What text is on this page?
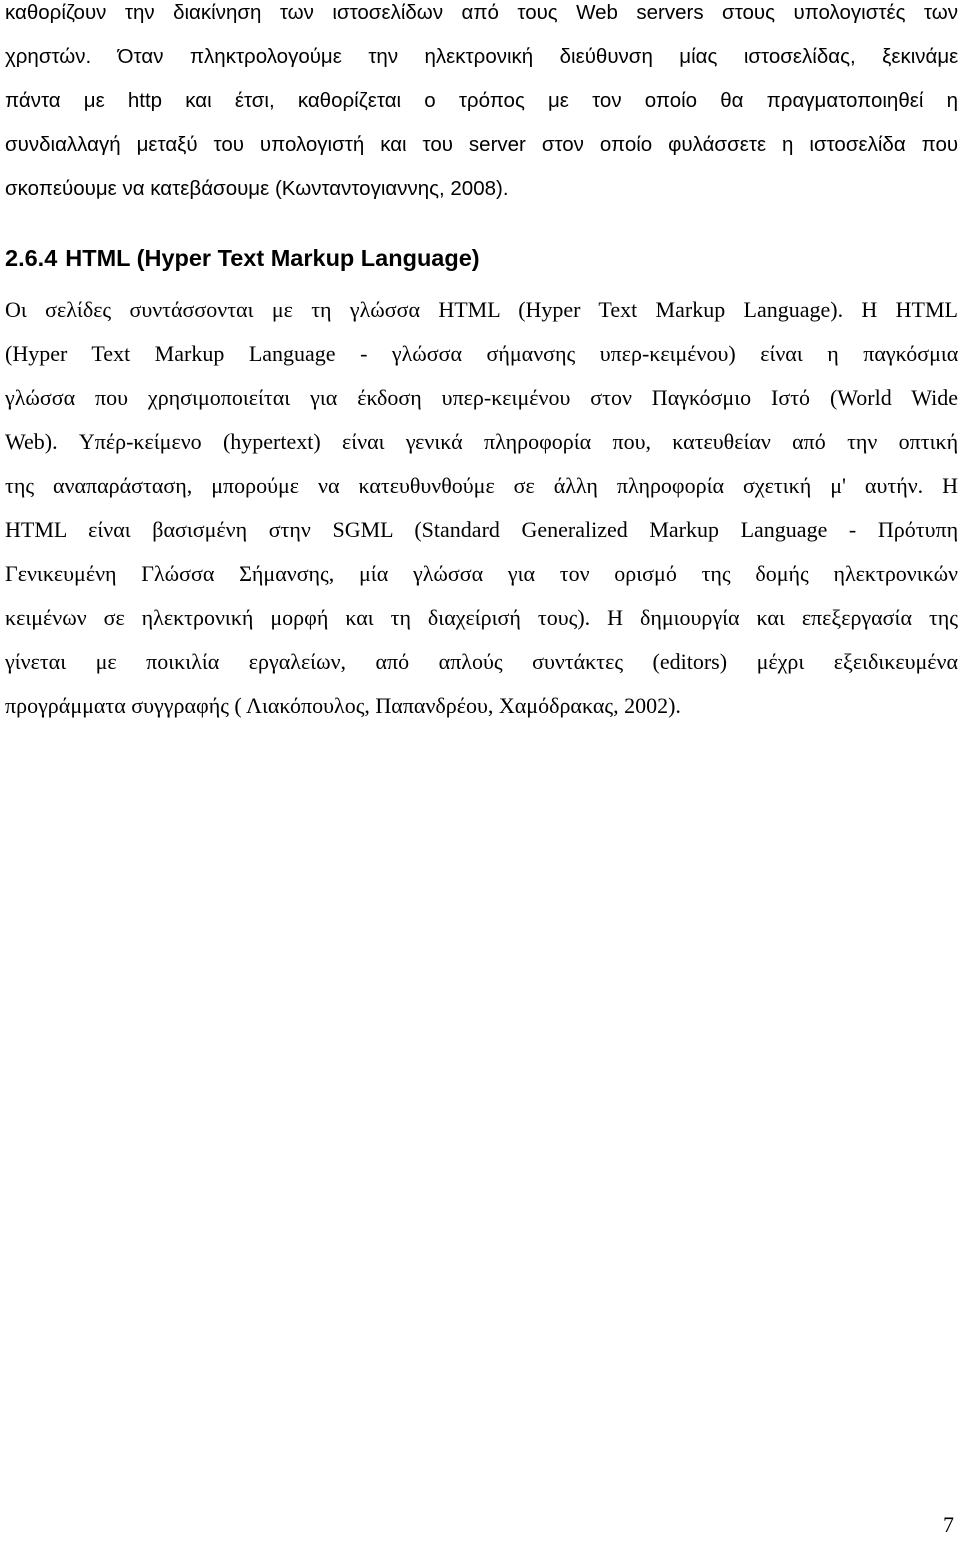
καθορίζουν την διακίνηση των ιστοσελίδων από τους Web servers στους υπολογιστές των
χρηστών. Όταν πληκτρολογούμε την ηλεκτρονική διεύθυνση μίας ιστοσελίδας, ξεκινάμε
πάντα με http και έτσι, καθορίζεται ο τρόπος με τον οποίο θα πραγματοποιηθεί η
συνδιαλλαγή μεταξύ του υπολογιστή και του server στον οποίο φυλάσσετε η ιστοσελίδα που
σκοπεύουμε να κατεβάσουμε (Κωνταντογιαννης, 2008).
2.6.4 HTML (Hyper Text Markup Language)
Οι σελίδες συντάσσονται με τη γλώσσα HTML (Hyper Text Markup Language). Η HTML
(Hyper Text Markup Language - γλώσσα σήμανσης υπερ-κειμένου) είναι η παγκόσμια
γλώσσα που χρησιμοποιείται για έκδοση υπερ-κειμένου στον Παγκόσμιο Ιστό (World Wide
Web). Υπέρ-κείμενο (hypertext) είναι γενικά πληροφορία που, κατευθείαν από την οπτική
της αναπαράσταση, μπορούμε να κατευθυνθούμε σε άλλη πληροφορία σχετική μ' αυτήν. Η
HTML είναι βασισμένη στην SGML (Standard Generalized Markup Language - Πρότυπη
Γενικευμένη Γλώσσα Σήμανσης, μία γλώσσα για τον ορισμό της δομής ηλεκτρονικών
κειμένων σε ηλεκτρονική μορφή και τη διαχείρισή τους). Η δημιουργία και επεξεργασία της
γίνεται με ποικιλία εργαλείων, από απλούς συντάκτες (editors) μέχρι εξειδικευμένα
προγράμματα συγγραφής ( Λιακόπουλος, Παπανδρέου, Χαμόδρακας, 2002).
7
